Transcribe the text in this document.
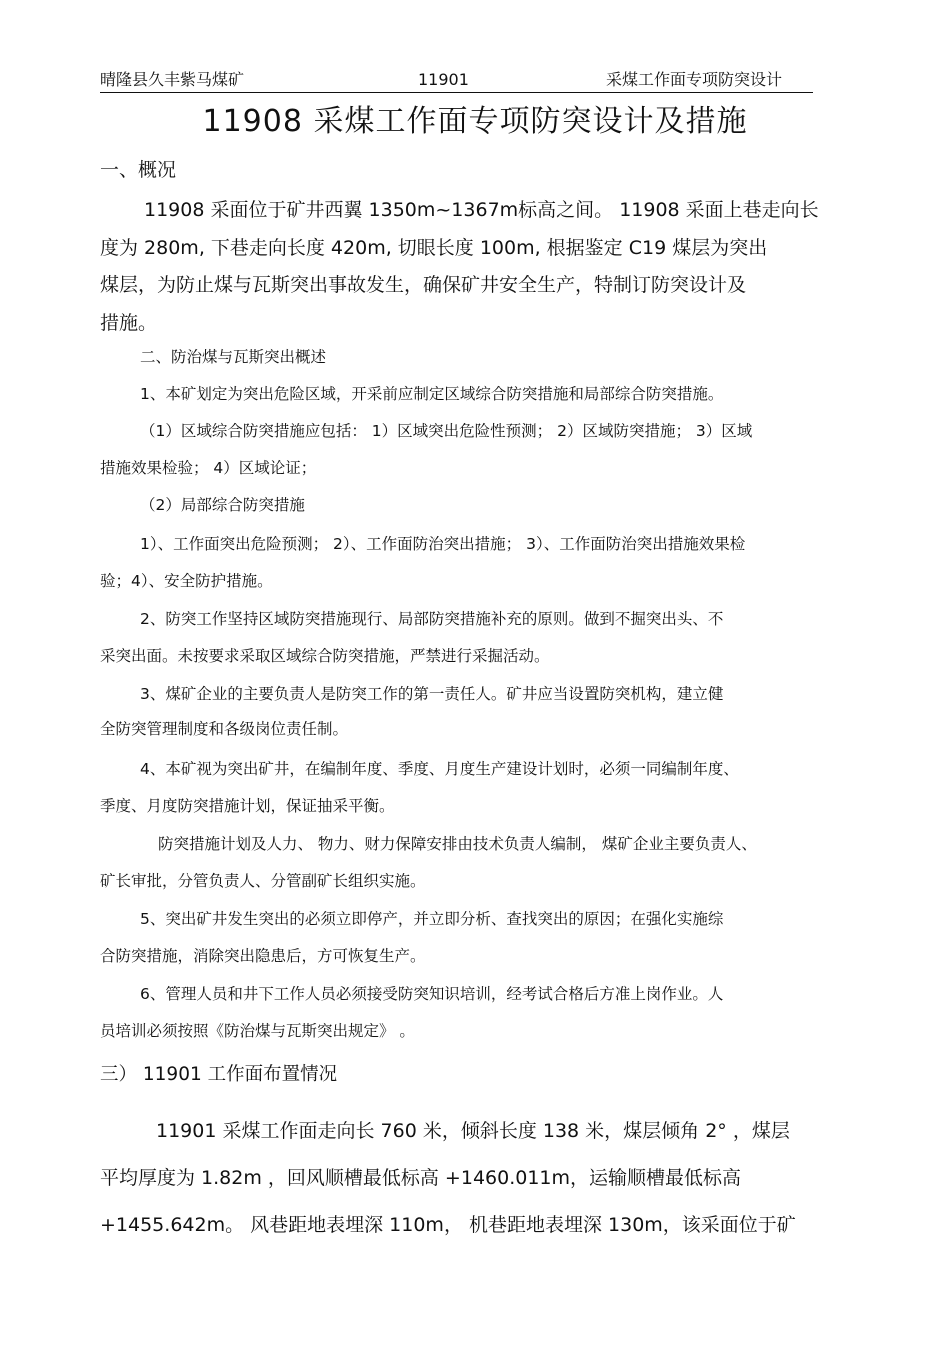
晴隆县久丰紫马煤矿	11901	采煤工作面专项防突设计
11908 采煤工作面专项防突设计及措施
一、概况
11908 采面位于矿井西翼 1350m~1367m标高之间。 11908 采面上巷走向长
度为 280m, 下巷走向长度 420m, 切眼长度 100m, 根据鉴定 C19 煤层为突出
煤层，为防止煤与瓦斯突出事故发生，确保矿井安全生产，特制订防突设计及
措施。
二、防治煤与瓦斯突出概述
1、本矿划定为突出危险区域，开采前应制定区域综合防突措施和局部综合防突措施。
（1）区域综合防突措施应包括： 1）区域突出危险性预测； 2）区域防突措施； 3）区域
措施效果检验； 4）区域论证；
（2）局部综合防突措施
1）、工作面突出危险预测； 2）、工作面防治突出措施； 3）、工作面防治突出措施效果检
验；4）、安全防护措施。
2、防突工作坚持区域防突措施现行、局部防突措施补充的原则。做到不掘突出头、不
采突出面。未按要求采取区域综合防突措施，严禁进行采掘活动。
3、煤矿企业的主要负责人是防突工作的第一责任人。矿井应当设置防突机构，建立健
全防突管理制度和各级岗位责任制。
4、本矿视为突出矿井，在编制年度、季度、月度生产建设计划时，必须一同编制年度、
季度、月度防突措施计划，保证抽采平衡。
防突措施计划及人力、 物力、财力保障安排由技术负责人编制， 煤矿企业主要负责人、
矿长审批，分管负责人、分管副矿长组织实施。
5、突出矿井发生突出的必须立即停产，并立即分析、查找突出的原因；在强化实施综
合防突措施，消除突出隐患后，方可恢复生产。
6、管理人员和井下工作人员必须接受防突知识培训，经考试合格后方准上岗作业。人
员培训必须按照《防治煤与瓦斯突出规定》 。
三） 11901 工作面布置情况
11901 采煤工作面走向长 760 米，倾斜长度 138 米，煤层倾角 2° ，煤层
平均厚度为 1.82m ，回风顺槽最低标高 +1460.011m，运输顺槽最低标高
+1455.642m。 风巷距地表埋深 110m， 机巷距地表埋深 130m，该采面位于矿
